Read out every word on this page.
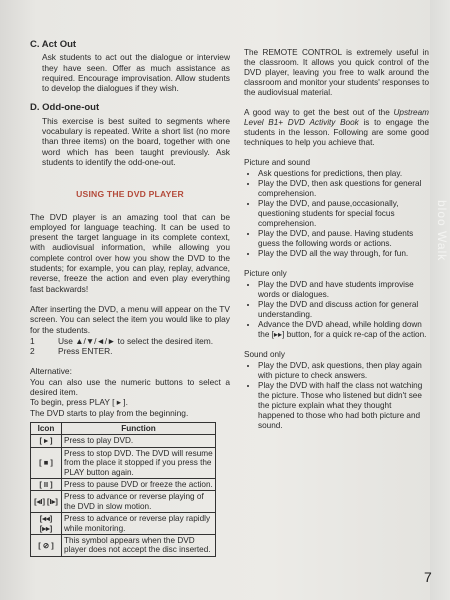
bloo Walk
C. Act Out
Ask students to act out the dialogue or interview they have seen. Offer as much assistance as required. Encourage improvisation. Allow students to develop the dialogues if they wish.
D. Odd-one-out
This exercise is best suited to segments where vocabulary is repeated. Write a short list (no more than three items) on the board, together with one word which has been taught previously. Ask students to identify the odd-one-out.
USING THE DVD PLAYER

The DVD player is an amazing tool that can be employed for language teaching. It can be used to present the target language in its complete context, with audiovisual information, while allowing you complete control over how you show the DVD to the students; for example, you can play, replay, advance, reverse, freeze the action and even play everything fast backwards!

After inserting the DVD, a menu will appear on the TV screen. You can select the item you would like to play for the students.

1	Use ▲/▼/◄/► to select the desired item.
2	Press ENTER.

Alternative:

You can also use the numeric buttons to select a desired item.

To begin, press PLAY [ ▸ ].

The DVD starts to play from the beginning.

Icon	Function
[ ▸ ]	Press to play DVD.
[ ■ ]	Press to stop DVD. The DVD will resume from the place it stopped if you press the PLAY button again.
[ II ]	Press to pause DVD or freeze the action.
[◂I] [I▸]	Press to advance or reverse playing of the DVD in slow motion.
[◂◂] [▸▸]	Press to advance or reverse play rapidly while monitoring.
[ ⊘ ]	This symbol appears when the DVD player does not accept the disc inserted.

The REMOTE CONTROL is extremely useful in the classroom. It allows you quick control of the DVD player, leaving you free to walk around the classroom and monitor your students' responses to the audiovisual material.

A good way to get the best out of the Upstream Level B1+ DVD Activity Book is to engage the students in the lesson. Following are some good techniques to help you achieve that.

Picture and sound
• Ask questions for predictions, then play.
• Play the DVD, then ask questions for general comprehension.
• Play the DVD, and pause,occasionally, questioning students for special focus comprehension.
• Play the DVD, and pause. Having students guess the following words or actions.
• Play the DVD all the way through, for fun.
Picture only
• Play the DVD and have students improvise words or dialogues.
• Play the DVD and discuss action for general understanding.
• Advance the DVD ahead, while holding down the [▸▸] button, for a quick re-cap of the action.
Sound only
• Play the DVD, ask questions, then play again with picture to check answers.
• Play the DVD with half the class not watching the picture. Those who listened but didn't see the picture explain what they thought happened to those who had both picture and sound.
7
